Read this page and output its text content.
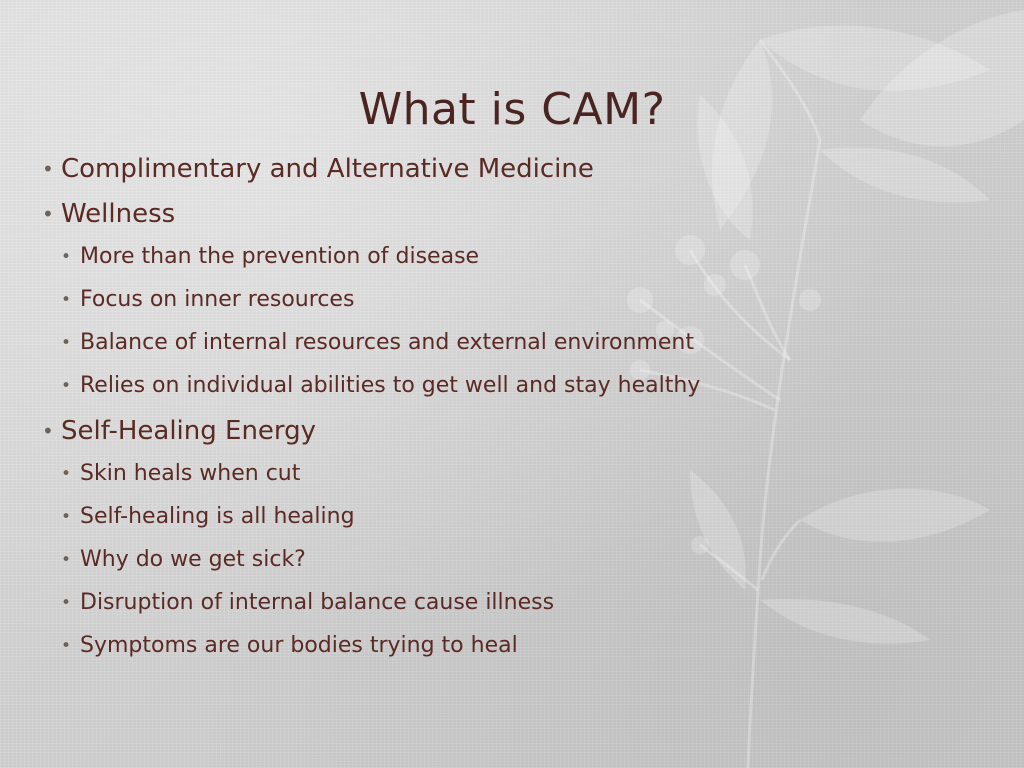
What is CAM?
• Complimentary and Alternative Medicine
• Wellness
• More than the prevention of disease
• Focus on inner resources
• Balance of internal resources and external environment
• Relies on individual abilities to get well and stay healthy
• Self-Healing Energy
• Skin heals when cut
• Self-healing is all healing
• Why do we get sick?
• Disruption of internal balance cause illness
• Symptoms are our bodies trying to heal
